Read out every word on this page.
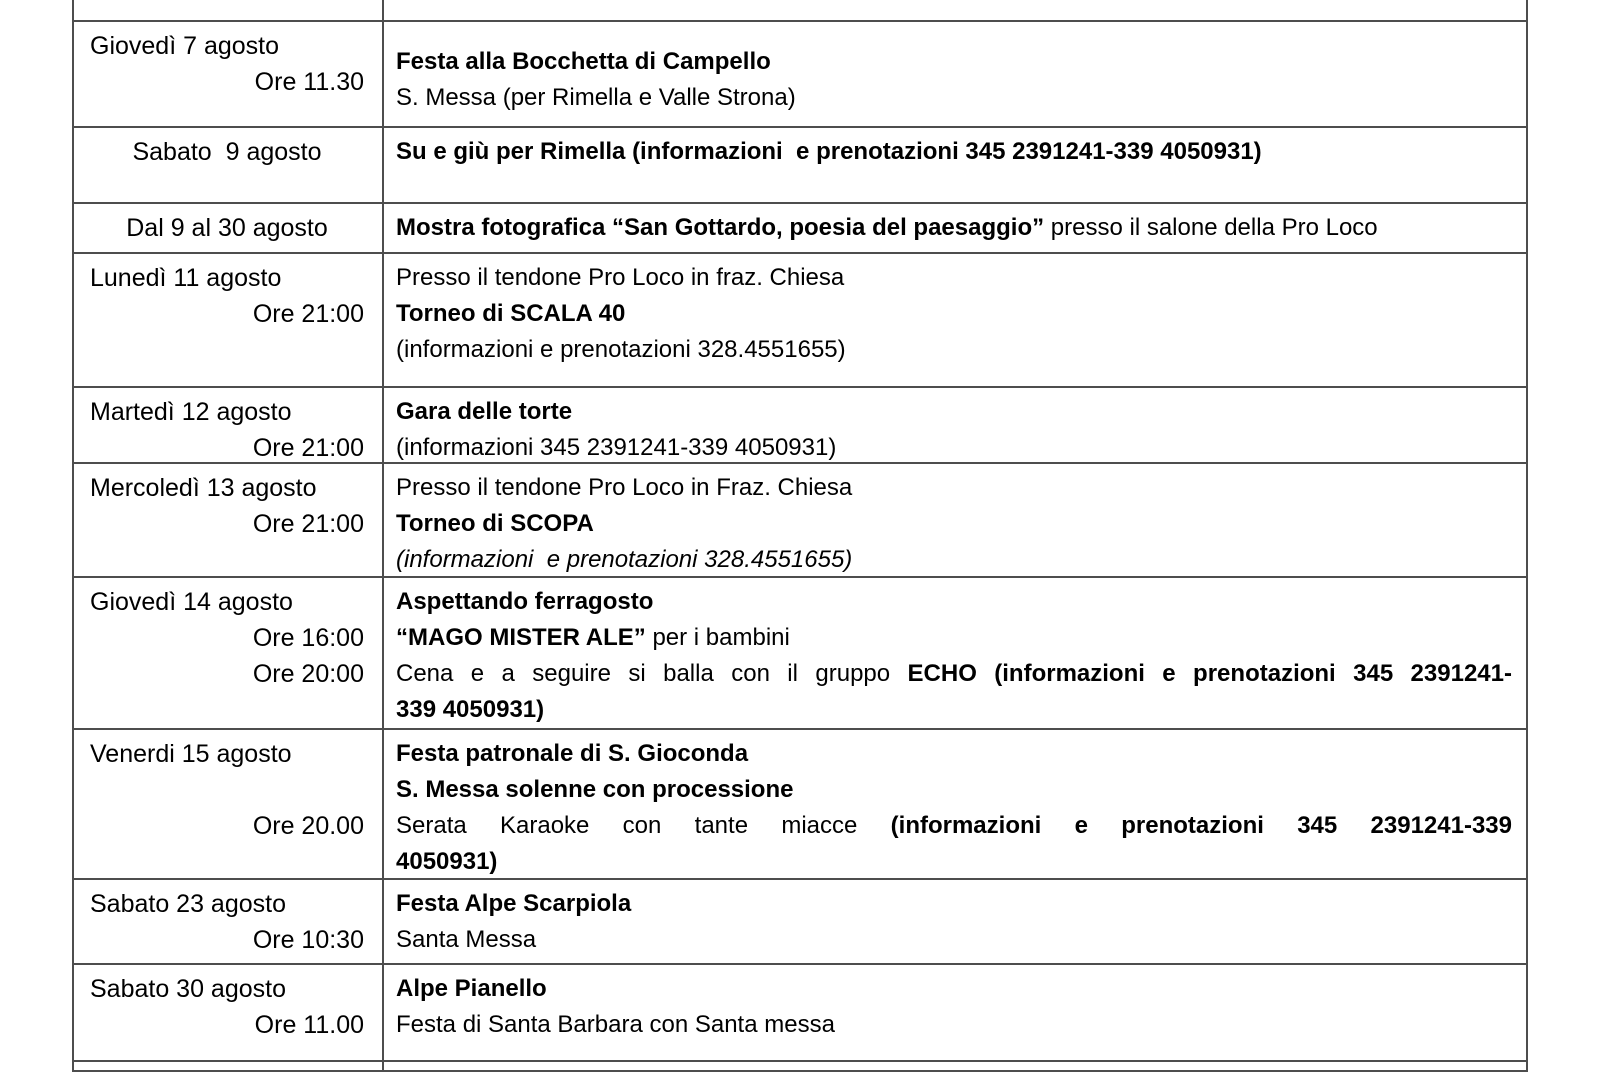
Giovedì 7 agosto
Ore 11.30
Festa alla Bocchetta di Campello
S. Messa (per Rimella e Valle Strona)
Sabato  9 agosto	Su e giù per Rimella (informazioni  e prenotazioni 345 2391241-339 4050931)
Dal 9 al 30 agosto	Mostra fotografica “San Gottardo, poesia del paesaggio” presso il salone della Pro Loco
Lunedì 11 agosto
Ore 21:00
Presso il tendone Pro Loco in fraz. Chiesa
Torneo di SCALA 40
(informazioni e prenotazioni 328.4551655)
Martedì 12 agosto
Ore 21:00
Gara delle torte
(informazioni 345 2391241-339 4050931)
Mercoledì 13 agosto
Ore 21:00
Presso il tendone Pro Loco in Fraz. Chiesa
Torneo di SCOPA
(informazioni  e prenotazioni 328.4551655)
Giovedì 14 agosto
Ore 16:00
Ore 20:00
Aspettando ferragosto
“MAGO MISTER ALE” per i bambini
Cena e a seguire si balla con il gruppo ECHO (informazioni e prenotazioni 345 2391241-
339 4050931)
Venerdi 15 agosto

Ore 20.00
Festa patronale di S. Gioconda
S. Messa solenne con processione
Serata Karaoke con tante miacce (informazioni e prenotazioni 345 2391241-339
4050931)
Sabato 23 agosto
Ore 10:30
Festa Alpe Scarpiola
Santa Messa
Sabato 30 agosto
Ore 11.00
Alpe Pianello
Festa di Santa Barbara con Santa messa
